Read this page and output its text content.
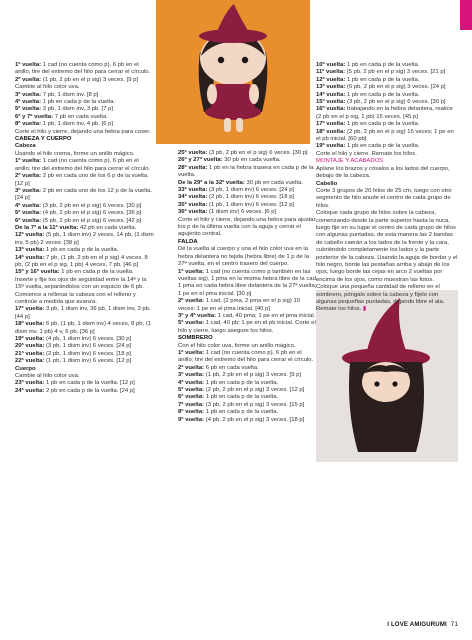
1ª vuelta: 1 cad (no cuenta como p), 6 pb en el anillo; tire del extremo del hilo para cerrar el círculo.

2ª vuelta: (1 pb, 2 pb en el p sig) 3 veces. [9 p]

Cambie al hilo color uva.

3ª vuelta: 7 pb, 1 dism inv. [8 p]

4ª vuelta: 1 pb en cada p de la vuelta.

5ª vuelta: 3 pb, 1 dism inv, 3 pb. [7 p]

6ª y 7ª vuelta: 7 pb en cada vuelta.

8ª vuelta: 1 pb, 1 dism inv, 4 pb. [6 p]

Corte el hilo y cierre, dejando una hebra para coser.

CABEZA Y CUERPO

Cabeza

Usando el hilo crema, forme un anillo mágico.

1ª vuelta: 1 cad (no cuenta como p), 6 pb en el anillo; tire del extremo del hilo para cerrar el círculo.

2ª vuelta: 2 pb en cada uno de los 6 p de la vuelta. [12 p]

3ª vuelta: 2 pb en cada uno de los 12 p de la vuelta. [24 p]

4ª vuelta: (3 pb, 2 pb en el p sig) 6 veces. [30 p]

5ª vuelta: (4 pb, 2 pb en el p sig) 6 veces. [36 p]

6ª vuelta: (5 pb, 2 pb en el p sig) 6 veces. [42 p]

De la 7ª a la 11ª vuelta: 42 pb en cada vuelta.

12ª vuelta: (5 pb, 1 dism inv) 2 veces, 14 pb, (1 dism inv, 5 pb) 2 veces. [38 p]

13ª vuelta: 1 pb en cada p de la vuelta.

14ª vuelta: 7 pb, (1 pb, 2 pb en el p sig) 4 veces, 8 pb, (2 pb en el p sig, 1 pb) 4 veces, 7 pb. [46 p]

15ª y 16ª vuelta: 1 pb en cada p de la vuelta.

Inserte y fije los ojos de seguridad entre la 14ª y la 15ª vuelta, separándolos con un espacio de 6 pb. Comience a rellenar la cabeza con el relleno y continúe a medida que avanza.

17ª vuelta: 3 pb, 1 dism inv, 36 pb, 1 dism inv, 3 pb. [44 p]

18ª vuelta: 6 pb, (1 pb, 1 dism inv) 4 veces, 8 pb, (1 dism inv, 1 pb) 4 v, 6 pb. [36 p]

19ª vuelta: (4 pb, 1 dism inv) 6 veces. [30 p]

20ª vuelta: (3 pb, 1 dism inv) 6 veces. [24 p]

21ª vuelta: (2 pb, 1 dism inv) 6 veces. [18 p]

22ª vuelta: (1 pb, 1 dism inv) 6 veces. [12 p]

Cuerpo

Cambie al hilo color uva.

23ª vuelta: 1 pb en cada p de la vuelta. [12 p]

24ª vuelta: 2 pb en cada p de la vuelta. [24 p]

25ª vuelta: (3 pb, 2 pb en el p sig) 6 veces. [30 p]

26ª y 27ª vuelta: 30 pb en cada vuelta.

28ª vuelta: 1 pb en la hebra trasera en cada p de la vuelta.

De la 29ª a la 32ª vuelta: 30 pb en cada vuelta.

33ª vuelta: (3 pb, 1 dism inv) 6 veces. [24 p]

34ª vuelta: (2 pb, 1 dism inv) 6 veces. [18 p]

35ª vuelta: (1 pb, 1 dism inv) 6 veces. [12 p]

36ª vuelta: (1 dism inv) 6 veces. [6 p]

Corte el hilo y cierre, dejando una hebra para ajustar los p de la última vuelta con la aguja y cerrar el agujerito central.

FALDA

Dé la vuelta al cuerpo y una el hilo color uva en la hebra delantera no tejida (hebra libre) de 1 p de la 27ª vuelta, en el centro trasero del cuerpo.

1ª vuelta: 1 cad (no cuenta como p también en las vueltas sig), 1 pma en la misma hebra libre de la cad, 1 pma en cada hebra libre delantera de la 27ª vuelta; 1 pe en el pma inicial. [30 p]

2ª vuelta: 1 cad, (2 pma, 2 pma en el p sig) 10 veces; 1 pe en el pma inicial. [40 p]

3ª y 4ª vuelta: 1 cad, 40 pma; 1 pe en el pma inicial.

5ª vuelta: 1 cad, 40 pb; 1 pe en el pb inicial. Corte el hilo y cierre, luego asegure los hilos.

SOMBRERO

Con el hilo color uva, forme un anillo mágico.

1ª vuelta: 1 cad (no cuenta como p), 6 pb en el anillo; tire del extremo del hilo para cerrar el círculo.

2ª vuelta: 6 pb en cada vuelta.

3ª vuelta: (1 pb, 2 pb en el p sig) 3 veces. [9 p]

4ª vuelta: 1 pb en cada p de la vuelta.

5ª vuelta: (2 pb, 2 pb en el p sig) 3 veces. [12 p]

6ª vuelta: 1 pb en cada p de la vuelta.

7ª vuelta: (3 pb, 2 pb en el p sig) 3 veces. [15 p]

8ª vuelta: 1 pb en cada p de la vuelta.

9ª vuelta: (4 pb, 2 pb en el p sig) 3 veces. [18 p]

10ª vuelta: 1 pb en cada p de la vuelta.

11ª vuelta: (5 pb, 2 pb en el p sig) 3 veces. [21 p]

12ª vuelta: 1 pb en cada p de la vuelta.

13ª vuelta: (6 pb, 2 pb en el p sig) 3 veces. [24 p]

14ª vuelta: 1 pb en cada p de la vuelta.

15ª vuelta: (3 pb, 2 pb en el p sig) 6 veces. [30 p]

16ª vuelta: trabajando en la hebra delantera, realice (2 pb en el p sig, 1 pb) 15 veces. [45 p]

17ª vuelta: 1 pb en cada p de la vuelta.

18ª vuelta: (2 pb, 2 pb en el p sig) 15 veces; 1 pe en el pb inicial. [60 pb]

19ª vuelta: 1 pb en cada p de la vuelta.

Corte el hilo y cierre. Remate los hilos.

MONTAJE Y ACABADOS

Aplane los brazos y cósalos a los lados del cuerpo, debajo de la cabeza.

Cabello

Corte 3 grupos de 20 hilos de 25 cm, luego con otro segmento de hilo anude el centro de cada grupo de hilos.

Coloque cada grupo de hilos sobre la cabeza, comenzando desde la parte superior hasta la nuca, luego fije en su lugar el centro de cada grupo de hilos con algunas puntadas, de esta manera las 2 bandas de cabello caerán a los lados de la frente y la cara, cubriéndolo completamente los lados y la parte posterior de la cabeza. Usando la aguja de bordar y el hilo negro, borde las pestañas arriba y abajo de los ojos, luego borde las cejas en arco 2 vueltas por encima de los ojos, como muestran las fotos.

Coloque una pequeña cantidad de relleno en el sombrero, póngalo sobre la cabeza y fíjelo con algunas pequeñas puntadas, dejando libre el ala. Remate los hilos. ▮

I LOVE AMIGURUMI 71
